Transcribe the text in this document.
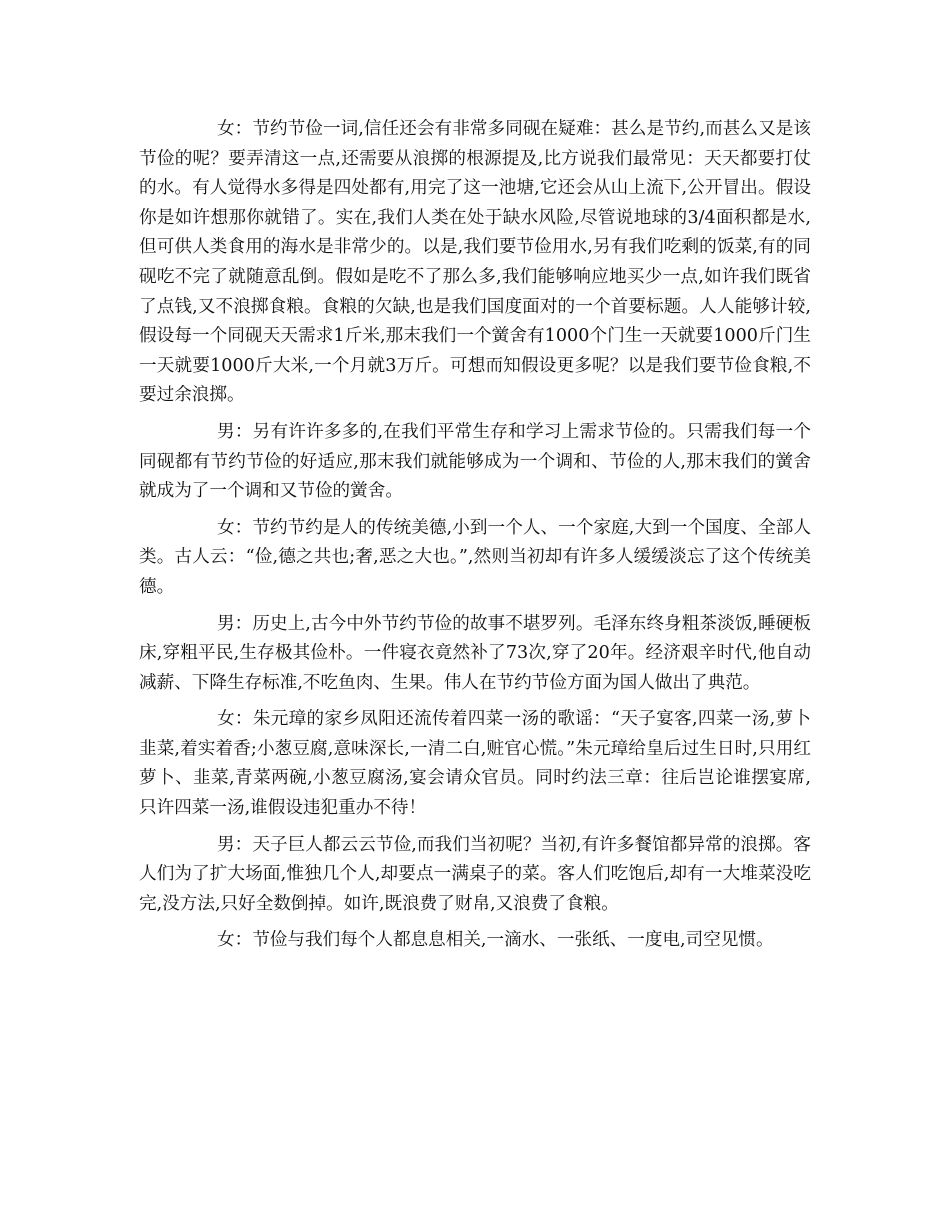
女：节约节俭一词,信任还会有非常多同砚在疑难：甚么是节约,而甚么又是该节俭的呢？要弄清这一点,还需要从浪掷的根源提及,比方说我们最常见：天天都要打仗的水。有人觉得水多得是四处都有,用完了这一池塘,它还会从山上流下,公开冒出。假设你是如许想那你就错了。实在,我们人类在处于缺水风险,尽管说地球的3/4面积都是水,但可供人类食用的海水是非常少的。以是,我们要节俭用水,另有我们吃剩的饭菜,有的同砚吃不完了就随意乱倒。假如是吃不了那么多,我们能够响应地买少一点,如许我们既省了点钱,又不浪掷食粮。食粮的欠缺,也是我们国度面对的一个首要标题。人人能够计较,假设每一个同砚天天需求1斤米,那末我们一个黉舍有1000个门生一天就要1000斤门生一天就要1000斤大米,一个月就3万斤。可想而知假设更多呢？以是我们要节俭食粮,不要过余浪掷。

男：另有许许多多的,在我们平常生存和学习上需求节俭的。只需我们每一个同砚都有节约节俭的好适应,那末我们就能够成为一个调和、节俭的人,那末我们的黉舍就成为了一个调和又节俭的黉舍。

女：节约节约是人的传统美德,小到一个人、一个家庭,大到一个国度、全部人类。古人云：“俭,德之共也;奢,恶之大也。”,然则当初却有许多人缓缓淡忘了这个传统美德。

男：历史上,古今中外节约节俭的故事不堪罗列。毛泽东终身粗茶淡饭,睡硬板床,穿粗平民,生存极其俭朴。一件寝衣竟然补了73次,穿了20年。经济艰辛时代,他自动减薪、下降生存标准,不吃鱼肉、生果。伟人在节约节俭方面为国人做出了典范。

女：朱元璋的家乡凤阳还流传着四菜一汤的歌谣：“天子宴客,四菜一汤,萝卜韭菜,着实着香;小葱豆腐,意味深长,一清二白,赃官心慌。”朱元璋给皇后过生日时,只用红萝卜、韭菜,青菜两碗,小葱豆腐汤,宴会请众官员。同时约法三章：往后岂论谁摆宴席,只许四菜一汤,谁假设违犯重办不待！

男：天子巨人都云云节俭,而我们当初呢？当初,有许多餐馆都异常的浪掷。客人们为了扩大场面,惟独几个人,却要点一满桌子的菜。客人们吃饱后,却有一大堆菜没吃完,没方法,只好全数倒掉。如许,既浪费了财帛,又浪费了食粮。

女：节俭与我们每个人都息息相关,一滴水、一张纸、一度电,司空见惯。
